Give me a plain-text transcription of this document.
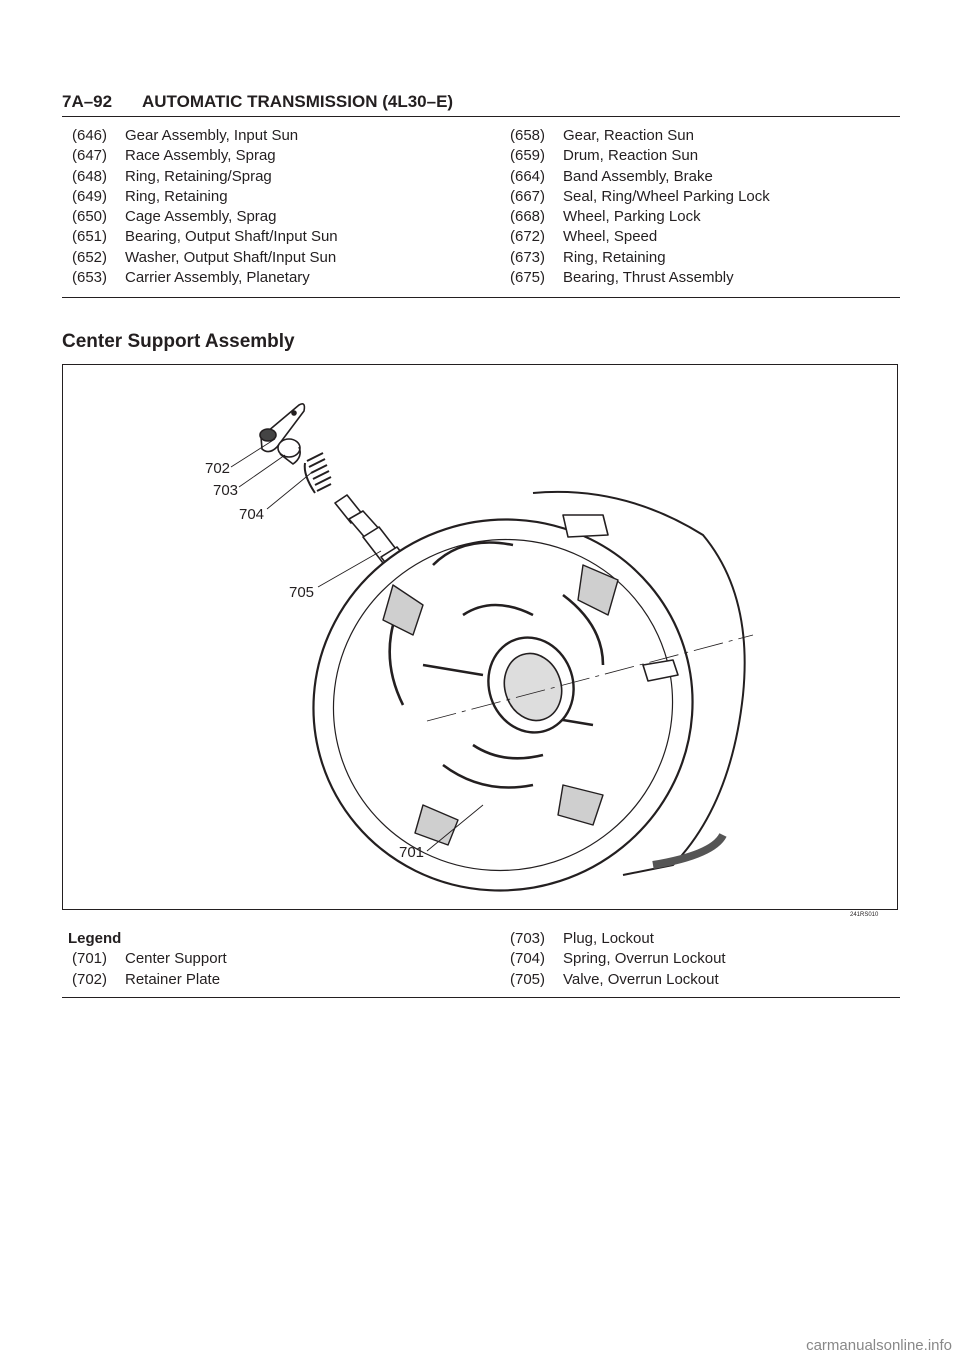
7A–92 AUTOMATIC TRANSMISSION (4L30–E)
(646)	Gear Assembly, Input Sun
(647)	Race Assembly, Sprag
(648)	Ring, Retaining/Sprag
(649)	Ring, Retaining
(650)	Cage Assembly, Sprag
(651)	Bearing, Output Shaft/Input Sun
(652)	Washer, Output Shaft/Input Sun
(653)	Carrier Assembly, Planetary
(658)	Gear, Reaction Sun
(659)	Drum, Reaction Sun
(664)	Band Assembly, Brake
(667)	Seal, Ring/Wheel Parking Lock
(668)	Wheel, Parking Lock
(672)	Wheel, Speed
(673)	Ring, Retaining
(675)	Bearing, Thrust Assembly
Center Support Assembly
702
703
704
705
701
241RS010
Legend
(701)	Center Support
(702)	Retainer Plate
(703)	Plug, Lockout
(704)	Spring, Overrun Lockout
(705)	Valve, Overrun Lockout
carmanualsonline.info
